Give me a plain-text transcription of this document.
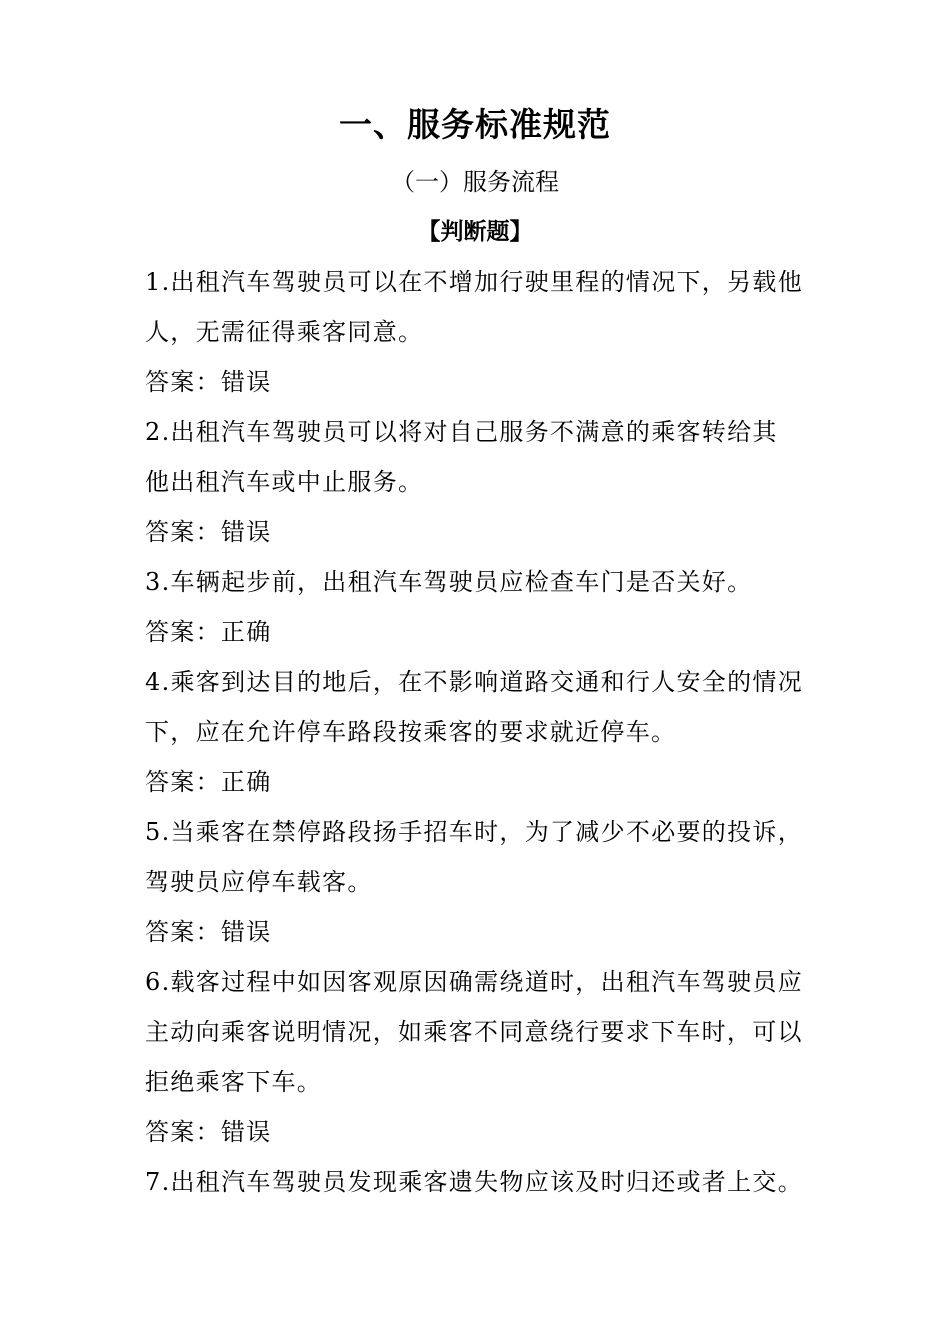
一、服务标准规范
（一）服务流程
【判断题】
1.出租汽车驾驶员可以在不增加行驶里程的情况下，另载他
人，无需征得乘客同意。
答案：错误
2.出租汽车驾驶员可以将对自己服务不满意的乘客转给其
他出租汽车或中止服务。
答案：错误
3.车辆起步前，出租汽车驾驶员应检查车门是否关好。
答案：正确
4.乘客到达目的地后，在不影响道路交通和行人安全的情况
下，应在允许停车路段按乘客的要求就近停车。
答案：正确
5.当乘客在禁停路段扬手招车时，为了减少不必要的投诉，
驾驶员应停车载客。
答案：错误
6.载客过程中如因客观原因确需绕道时，出租汽车驾驶员应
主动向乘客说明情况，如乘客不同意绕行要求下车时，可以
拒绝乘客下车。
答案：错误
7.出租汽车驾驶员发现乘客遗失物应该及时归还或者上交。
